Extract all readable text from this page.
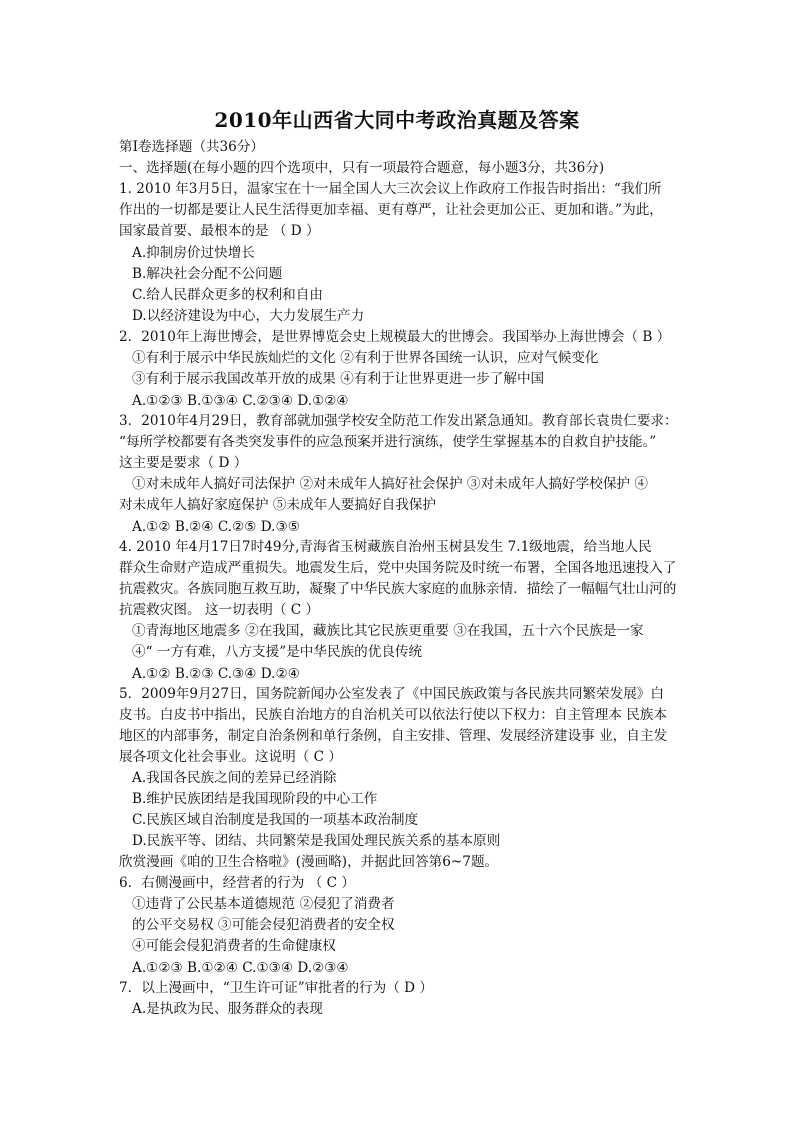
2010年山西省大同中考政治真题及答案
第Ⅰ卷选择题（共36分）
一、选择题(在每小题的四个选项中，只有一项最符合题意，每小题3分，共36分)
1. 2010 年3月5日，温家宝在十一届全国人大三次会议上作政府工作报告时指出：“我们所
作出的一切都是要让人民生活得更加幸福、更有尊严，让社会更加公正、更加和谐。”为此，
国家最首要、最根本的是 （ D ）
A.抑制房价过快增长
B.解决社会分配不公问题
C.给人民群众更多的权利和自由
D.以经济建设为中心，大力发展生产力
2．2010年上海世博会，是世界博览会史上规模最大的世博会。我国举办上海世博会（ B ）
①有利于展示中华民族灿烂的文化 ②有利于世界各国统一认识，应对气候变化
③有利于展示我国改革开放的成果 ④有利于让世界更进一步了解中国
A.①②③ B.①③④ C.②③④ D.①②④
3．2010年4月29日，教育部就加强学校安全防范工作发出紧急通知。教育部长袁贵仁要求：
“每所学校都要有各类突发事件的应急预案并进行演练，使学生掌握基本的自救自护技能。”
这主要是要求（ D ）
①对未成年人搞好司法保护 ②对未成年人搞好社会保护 ③对未成年人搞好学校保护 ④
对未成年人搞好家庭保护 ⑤未成年人要搞好自我保护
A.①② B.②④ C.②⑤ D.③⑤
4. 2010 年4月17日7时49分,青海省玉树藏族自治州玉树县发生 7.1级地震，给当地人民
群众生命财产造成严重损失。地震发生后，党中央国务院及时统一布署，全国各地迅速投入了
抗震救灾。各族同胞互救互助，凝聚了中华民族大家庭的血脉亲情．描绘了一幅幅气壮山河的
抗震救灾图。 这一切表明（ C ）
①青海地区地震多 ②在我国，藏族比其它民族更重要 ③在我国，五十六个民族是一家
④“ 一方有难，八方支援”是中华民族的优良传统
A.①② B.②③ C.③④ D.②④
5．2009年9月27日，国务院新闻办公室发表了《中国民族政策与各民族共同繁荣发展》白
皮书。白皮书中指出，民族自治地方的自治机关可以依法行使以下权力：自主管理本 民族本
地区的内部事务，制定自治条例和单行条例，自主安排、管理、发展经济建设事 业，自主发
展各项文化社会事业。这说明（ C ）
A.我国各民族之间的差异已经消除
B.维护民族团结是我国现阶段的中心工作
C.民族区域自治制度是我国的一项基本政治制度
D.民族平等、团结、共同繁荣是我国处理民族关系的基本原则
欣赏漫画《咱的卫生合格啦》(漫画略)，并据此回答第6~7题。
6．右侧漫画中，经营者的行为 （ C ）
①违背了公民基本道德规范 ②侵犯了消费者
的公平交易权 ③可能会侵犯消费者的安全权
④可能会侵犯消费者的生命健康权
A.①②③ B.①②④ C.①③④ D.②③④
7．以上漫画中，“卫生许可证”审批者的行为（ D ）
A.是执政为民、服务群众的表现
